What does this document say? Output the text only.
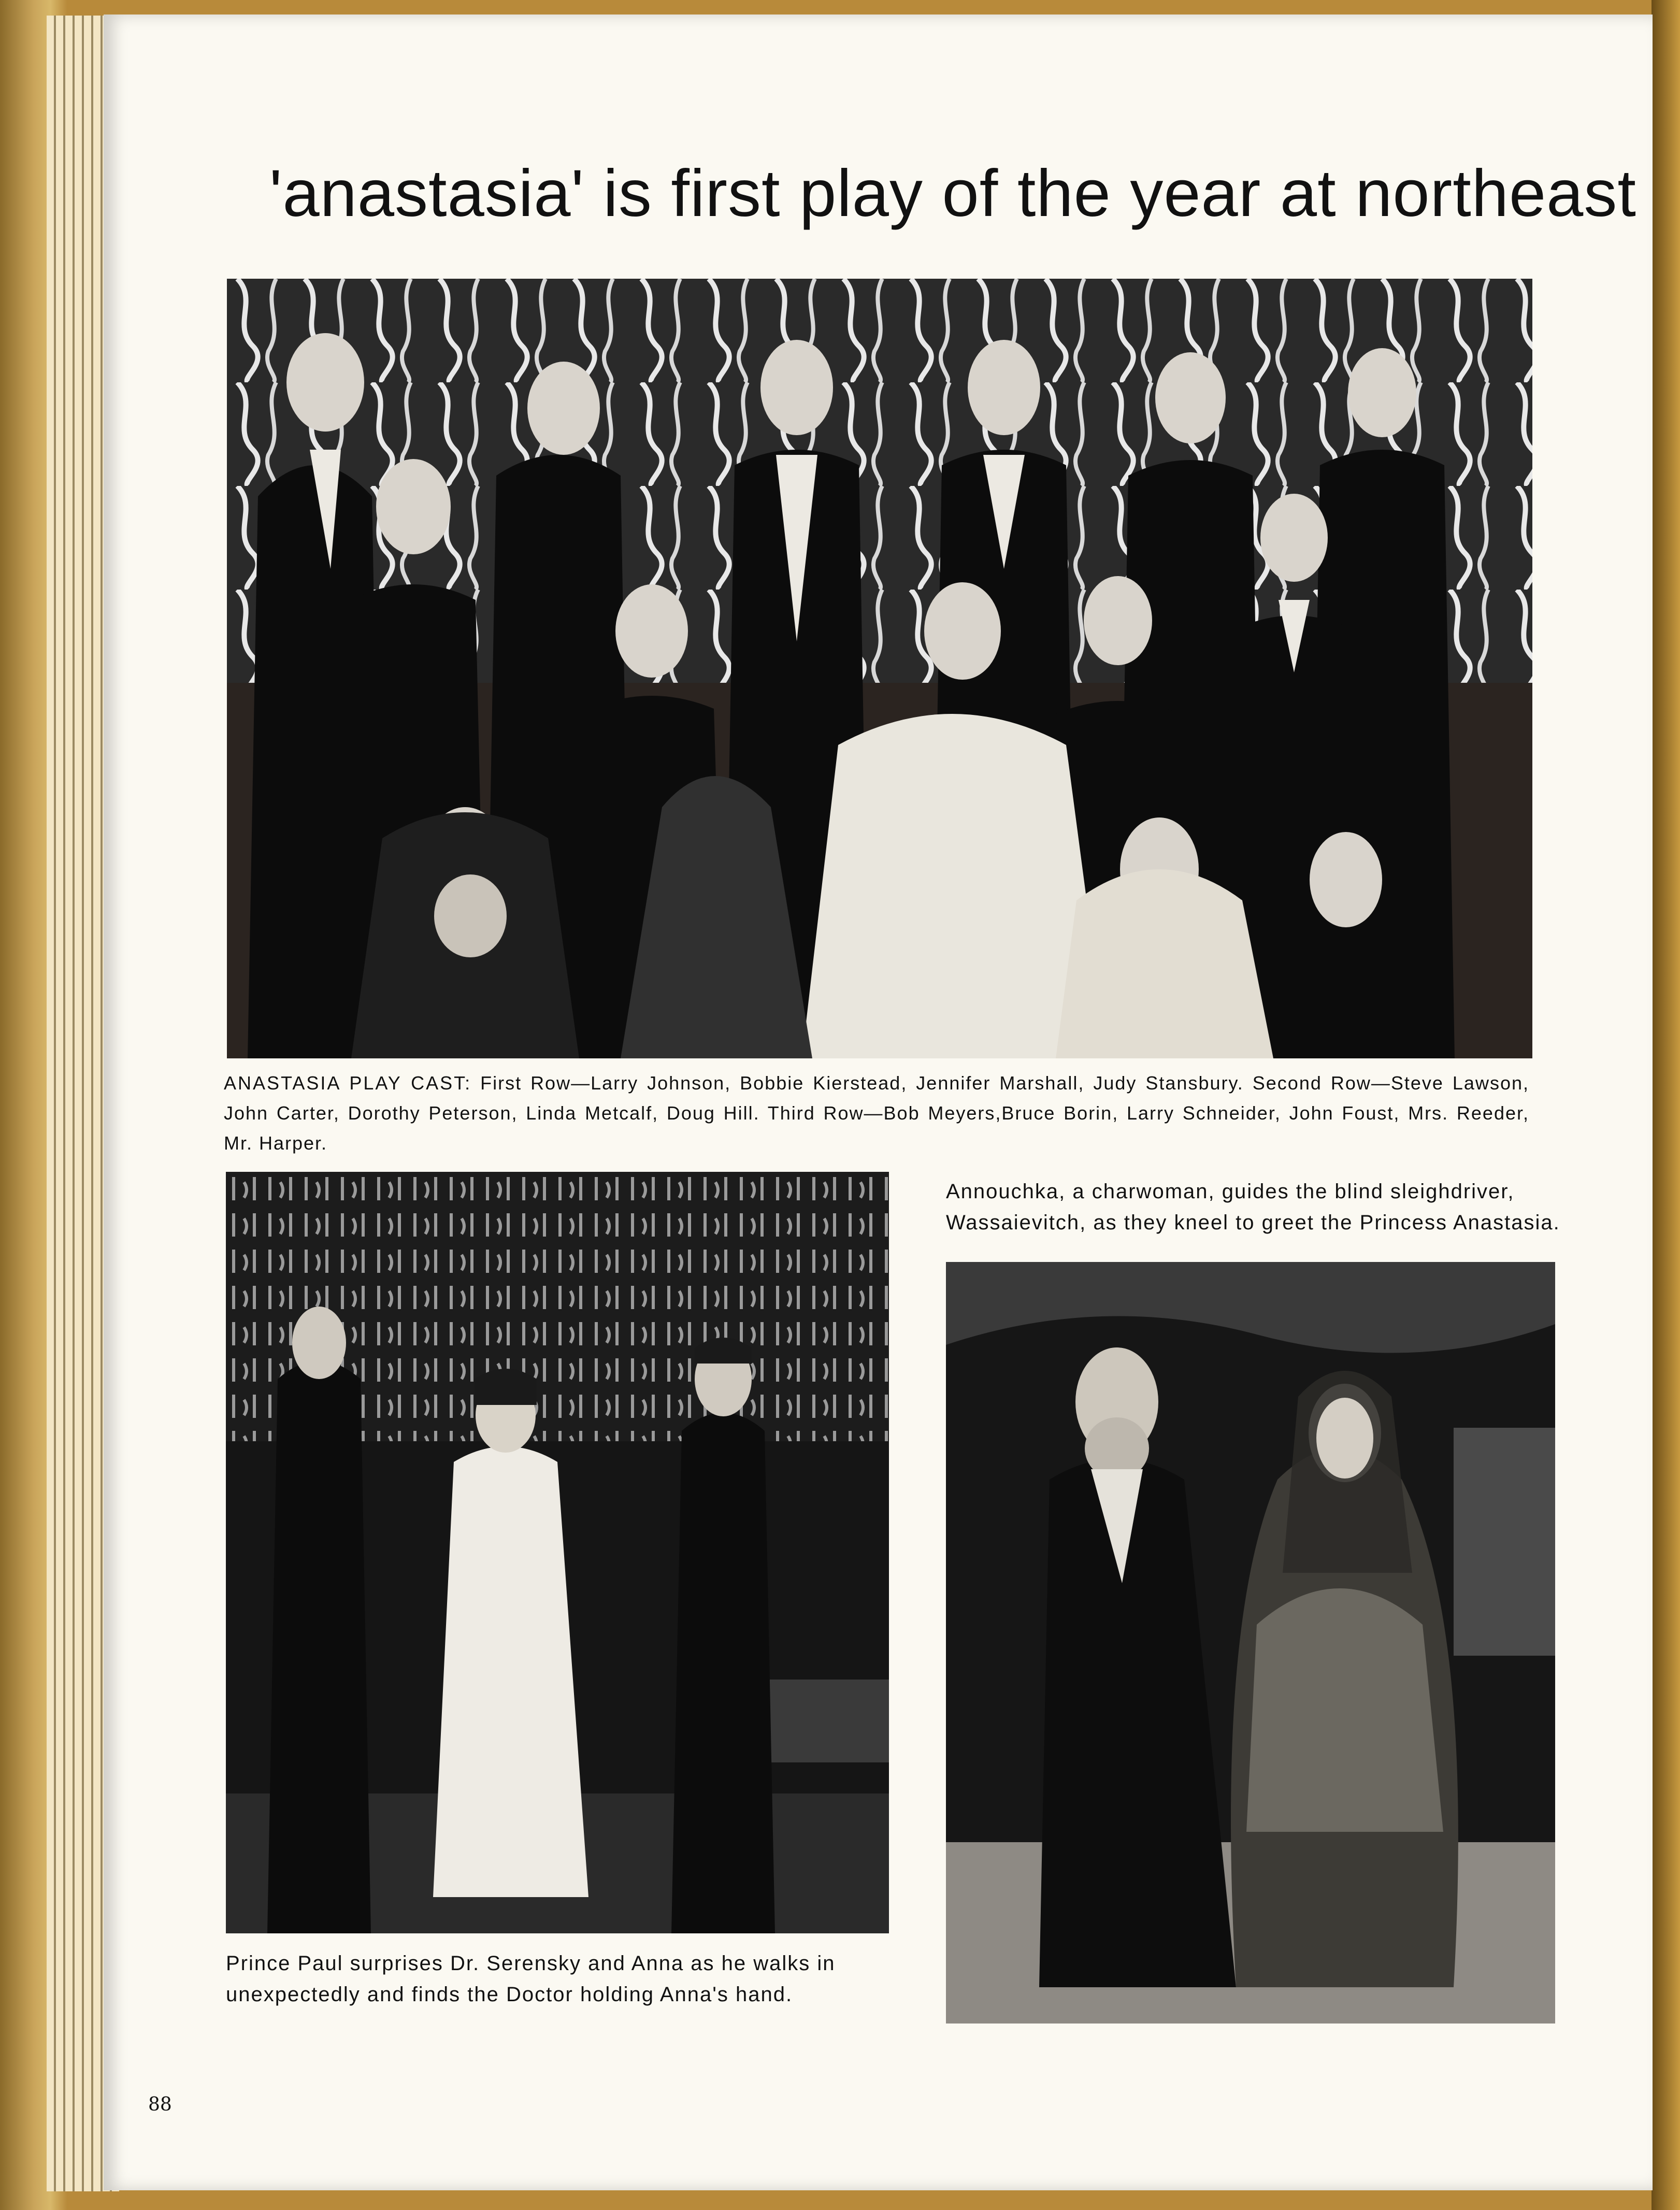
'anastasia' is first play of the year at northeast
ANASTASIA PLAY CAST: First Row—Larry Johnson, Bobbie Kierstead, Jennifer Marshall, Judy Stansbury. Second Row—Steve Lawson, John Carter, Dorothy Peterson, Linda Metcalf, Doug Hill. Third Row—Bob Meyers,Bruce Borin, Larry Schneider, John Foust, Mrs. Reeder, Mr. Harper.
Annouchka, a charwoman, guides the blind sleighdriver, Wassaievitch, as they kneel to greet the Princess Anastasia.
Prince Paul surprises Dr. Serensky and Anna as he walks in unexpectedly and finds the Doctor holding Anna's hand.
88
